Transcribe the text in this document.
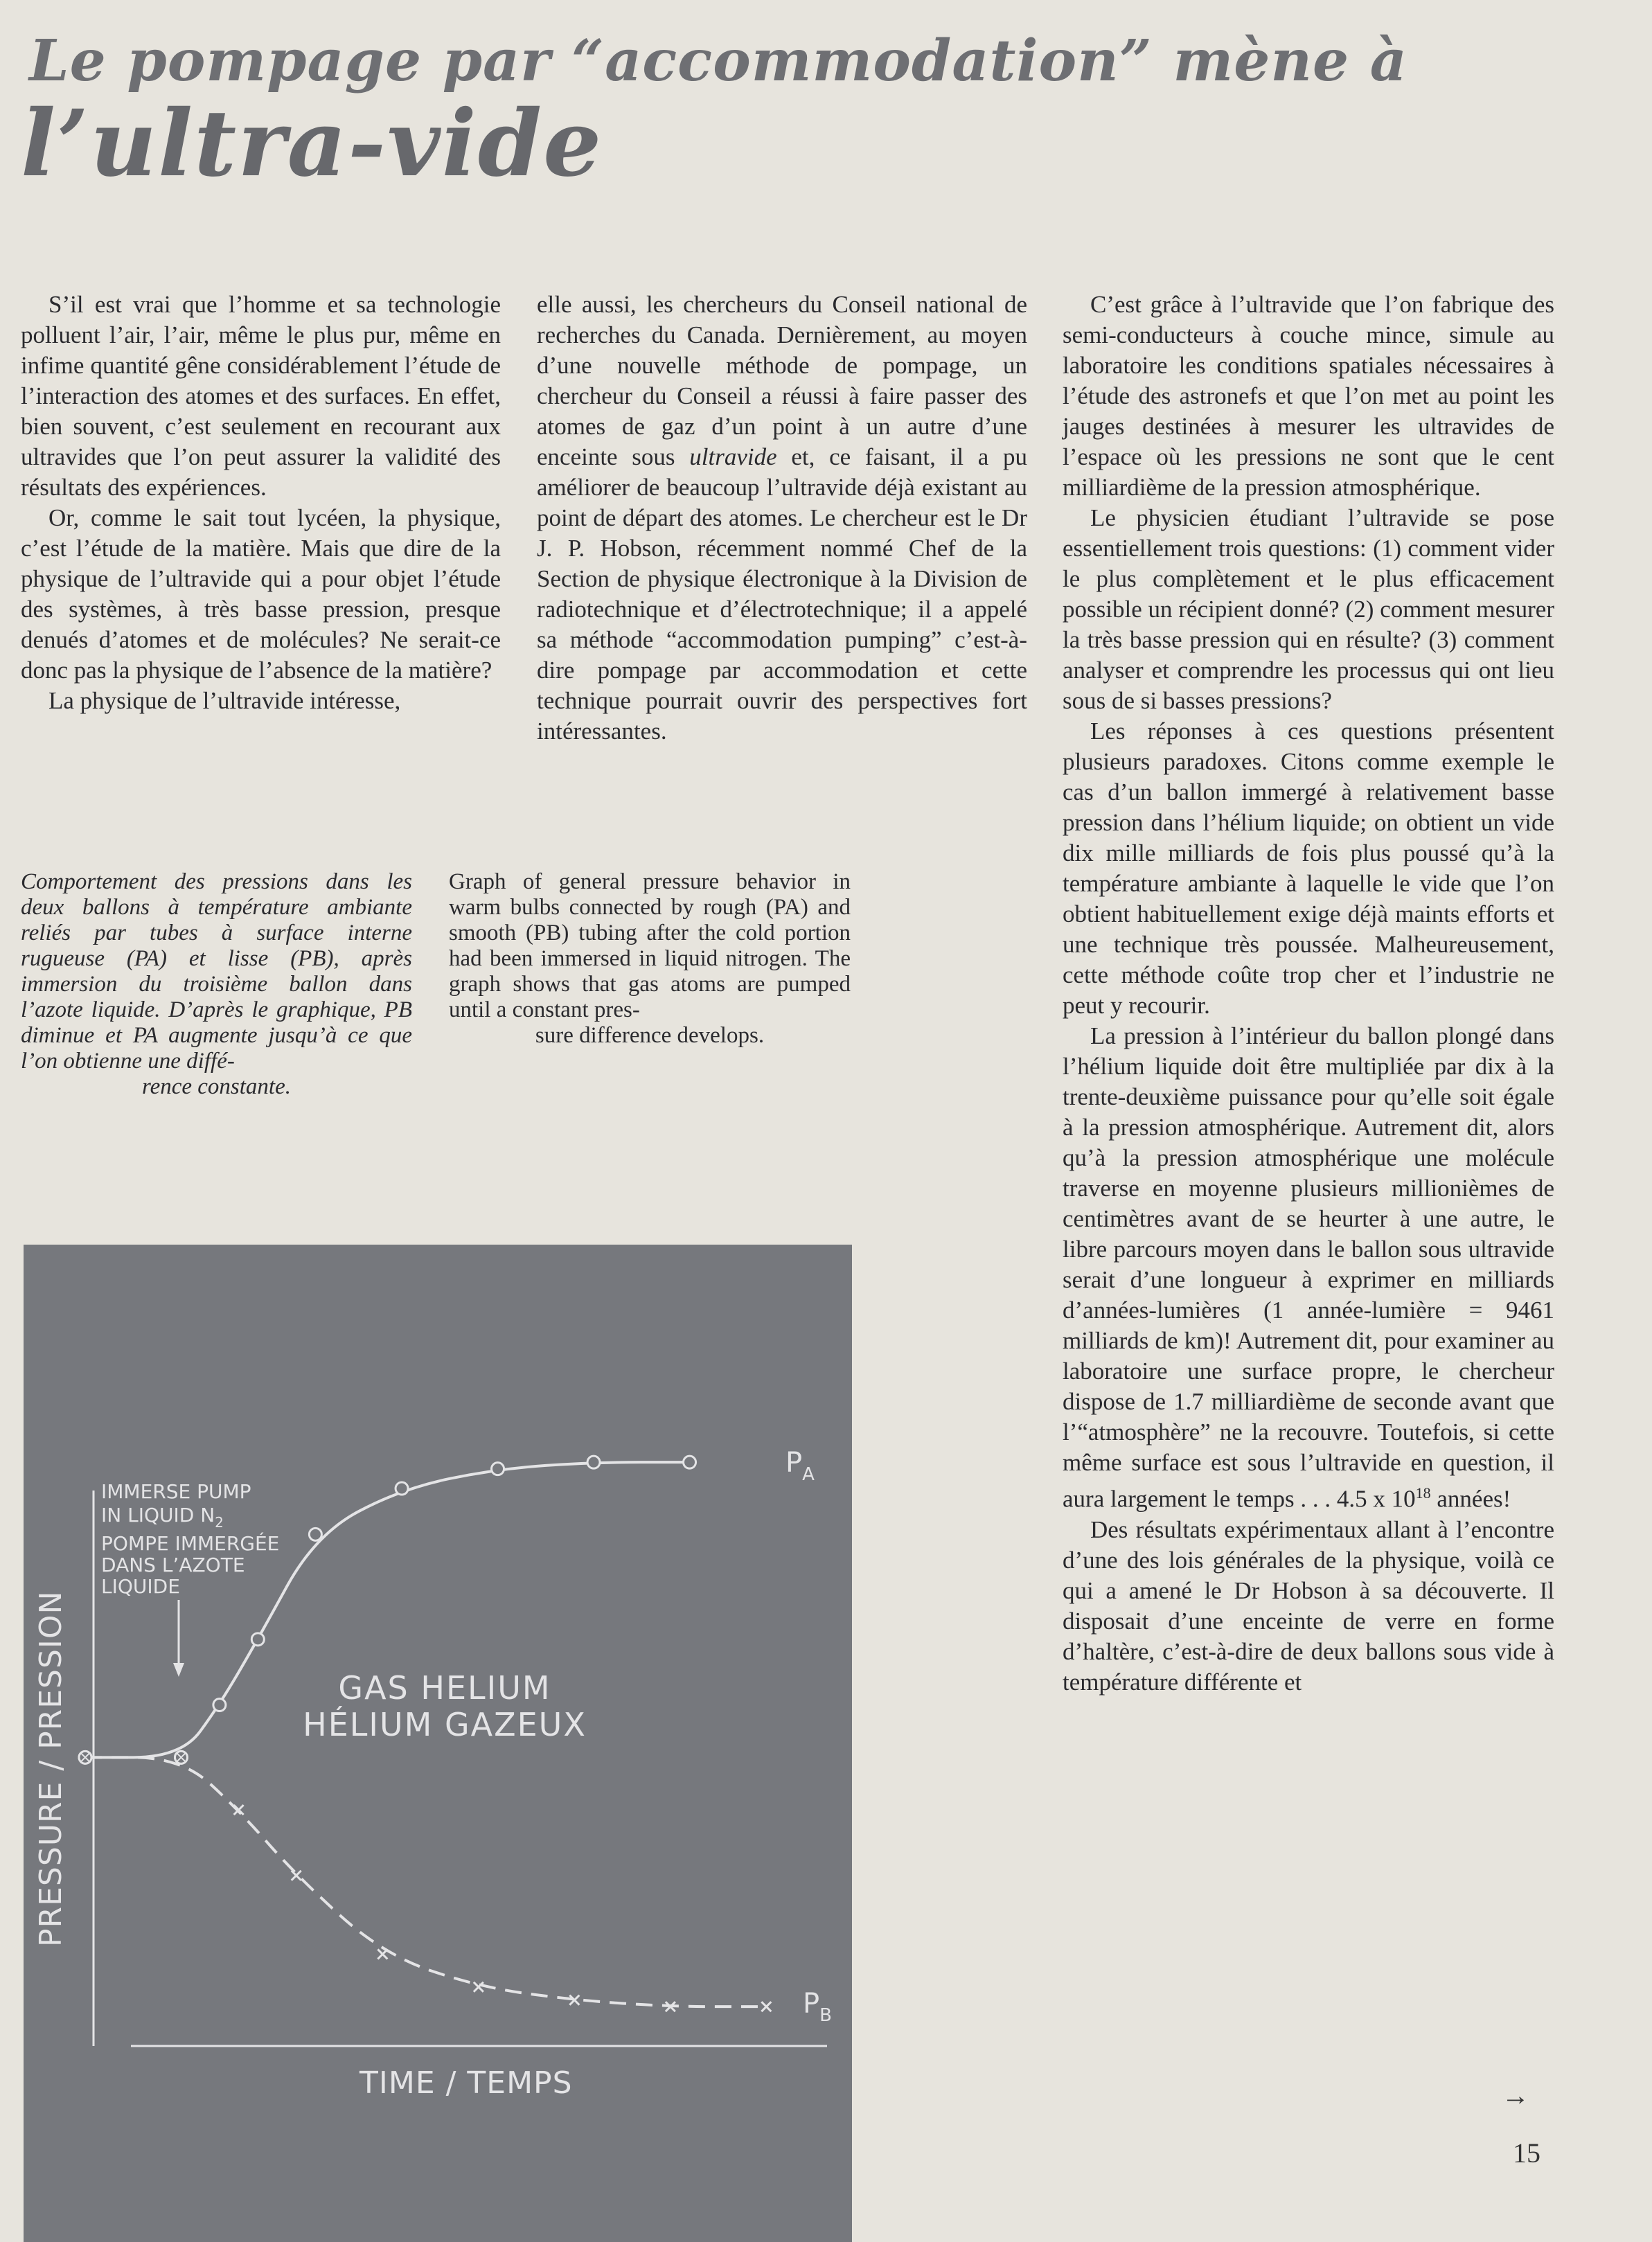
Le pompage par “accommodation” mène à
l’ultra-vide

S’il est vrai que l’homme et sa technologie polluent l’air, l’air, même le plus pur, même en infime quantité gêne considérablement l’étude de l’interaction des atomes et des surfaces. En effet, bien souvent, c’est seulement en recourant aux ultravides que l’on peut assurer la validité des résultats des expériences.

Or, comme le sait tout lycéen, la physique, c’est l’étude de la matière. Mais que dire de la physique de l’ultravide qui a pour objet l’étude des systèmes, à très basse pression, presque denués d’atomes et de molécules? Ne serait-ce donc pas la physique de l’absence de la matière?

La physique de l’ultravide intéresse,

elle aussi, les chercheurs du Conseil national de recherches du Canada. Dernièrement, au moyen d’une nouvelle méthode de pompage, un chercheur du Conseil a réussi à faire passer des atomes de gaz d’un point à un autre d’une enceinte sous ultravide et, ce faisant, il a pu améliorer de beaucoup l’ultravide déjà existant au point de départ des atomes. Le chercheur est le Dr J. P. Hobson, récemment nommé Chef de la Section de physique électronique à la Division de radiotechnique et d’électrotechnique; il a appelé sa méthode “accommodation pumping” c’est-à-dire pompage par accommodation et cette technique pourrait ouvrir des perspectives fort intéressantes.

C’est grâce à l’ultravide que l’on fabrique des semi-conducteurs à couche mince, simule au laboratoire les conditions spatiales nécessaires à l’étude des astronefs et que l’on met au point les jauges destinées à mesurer les ultravides de l’espace où les pressions ne sont que le cent milliardième de la pression atmosphérique.

Le physicien étudiant l’ultravide se pose essentiellement trois questions: (1) comment vider le plus complètement et le plus efficacement possible un récipient donné? (2) comment mesurer la très basse pression qui en résulte? (3) comment analyser et comprendre les processus qui ont lieu sous de si basses pressions?

Les réponses à ces questions présentent plusieurs paradoxes. Citons comme exemple le cas d’un ballon immergé à relativement basse pression dans l’hélium liquide; on obtient un vide dix mille milliards de fois plus poussé qu’à la température ambiante à laquelle le vide que l’on obtient habituellement exige déjà maints efforts et une technique très poussée. Malheureusement, cette méthode coûte trop cher et l’industrie ne peut y recourir.

La pression à l’intérieur du ballon plongé dans l’hélium liquide doit être multipliée par dix à la trente-deuxième puissance pour qu’elle soit égale à la pression atmosphérique. Autrement dit, alors qu’à la pression atmosphérique une molécule traverse en moyenne plusieurs millionièmes de centimètres avant de se heurter à une autre, le libre parcours moyen dans le ballon sous ultravide serait d’une longueur à exprimer en milliards d’années-lumières (1 année-lumière = 9461 milliards de km)! Autrement dit, pour examiner au laboratoire une surface propre, le chercheur dispose de 1.7 milliardième de seconde avant que l’“atmosphère” ne la recouvre. Toutefois, si cette même surface est sous l’ultravide en question, il aura largement le temps . . . 4.5 x $10^{18}$ années!

Des résultats expérimentaux allant à l’encontre d’une des lois générales de la physique, voilà ce qui a amené le Dr Hobson à sa découverte. Il disposait d’une enceinte de verre en forme d’haltère, c’est-à-dire de deux ballons sous vide à température différente et

Comportement des pressions dans les deux ballons à température ambiante reliés par tubes à surface interne rugueuse (PA) et lisse (PB), après immersion du troisième ballon dans l’azote liquide. D’après le graphique, PB diminue et PA augmente jusqu’à ce que l’on obtienne une diffé-
rence constante.
Graph of general pressure behavior in warm bulbs connected by rough (PA) and smooth (PB) tubing after the cold portion had been immersed in liquid nitrogen. The graph shows that gas atoms are pumped until a constant pres-
sure difference develops.
PRESSURE / PRESSION
TIME / TEMPS
IMMERSE PUMP
IN LIQUID $N_2$
POMPE IMMERGÉE
DANS L’AZOTE
LIQUIDE
GAS HELIUM
HÉLIUM GAZEUX
$P_A$
$P_B$
→
15
